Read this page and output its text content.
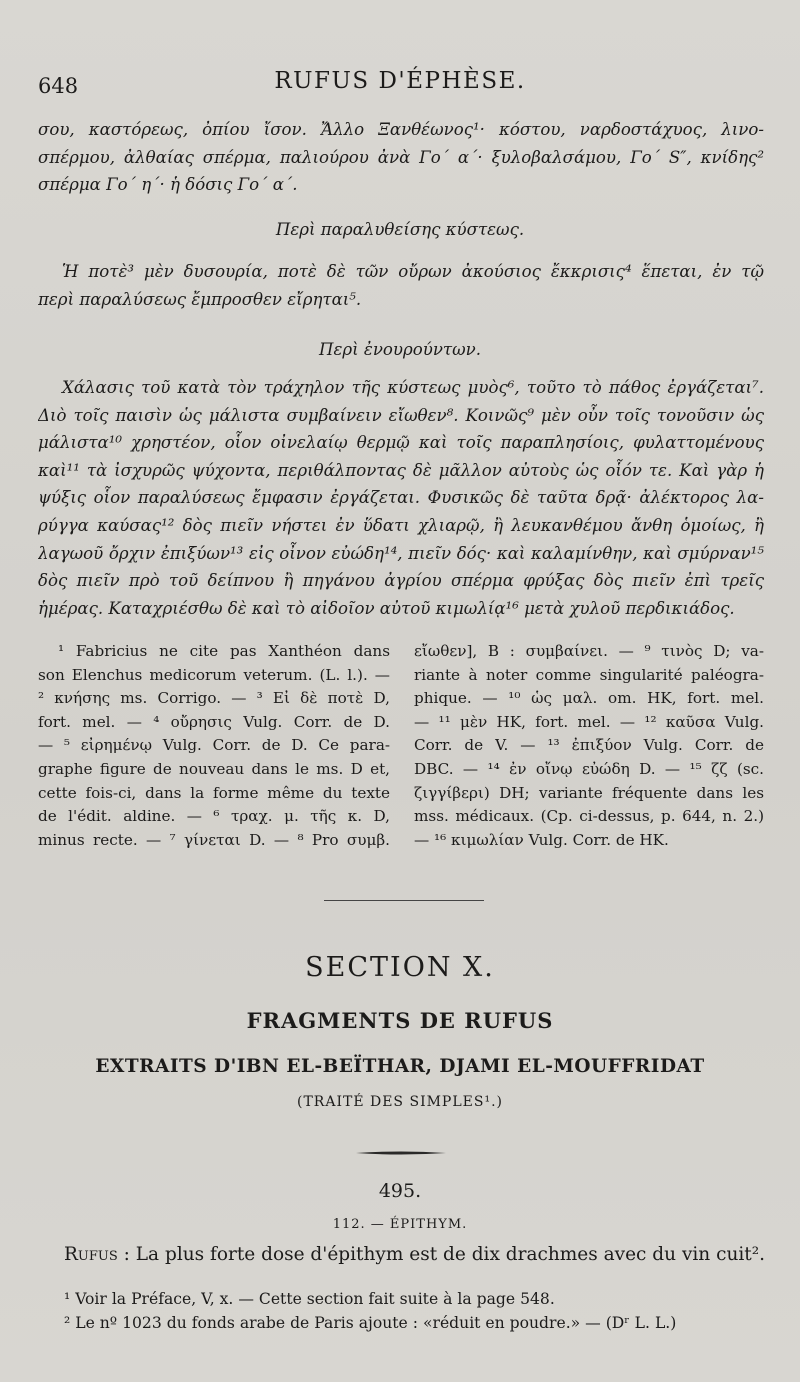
648	RUFUS D'ÉPHÈSE.
σου, καστόρεως, ὀπίου ἴσον. Ἄλλο Ξανθέωνος¹· κόστου, ναρδοστάχυος, λινο-
σπέρμου, ἀλθαίας σπέρμα, παλιούρου ἀνὰ Γο´ α´· ξυλοβαλσάμου, Γο´ S″, κνίδης²
σπέρμα Γο´ η´· ἡ δόσις Γο´ α´.
Περὶ παραλυθείσης κύστεως.
Ἡ ποτὲ³ μὲν δυσουρία, ποτὲ δὲ τῶν οὔρων ἀκούσιος ἔκκρισις⁴ ἕπεται, ἐν τῷ
περὶ παραλύσεως ἔμπροσθεν εἴρηται⁵.
Περὶ ἐνουρούντων.
Χάλασις τοῦ κατὰ τὸν τράχηλον τῆς κύστεως μυὸς⁶, τοῦτο τὸ πάθος ἐργάζεται⁷.
Διὸ τοῖς παισὶν ὡς μάλιστα συμβαίνειν εἴωθεν⁸. Κοινῶς⁹ μὲν οὖν τοῖς τονοῦσιν ὡς
μάλιστα¹⁰ χρηστέον, οἷον οἰνελαίῳ θερμῷ καὶ τοῖς παραπλησίοις, φυλαττομένους
καὶ¹¹ τὰ ἰσχυρῶς ψύχοντα, περιθάλποντας δὲ μᾶλλον αὐτοὺς ὡς οἷόν τε. Καὶ γὰρ ἡ
ψύξις οἷον παραλύσεως ἔμφασιν ἐργάζεται. Φυσικῶς δὲ ταῦτα δρᾷ· ἀλέκτορος λα-
ρύγγα καύσας¹² δὸς πιεῖν νήστει ἐν ὕδατι χλιαρῷ, ἢ λευκανθέμου ἄνθη ὁμοίως, ἢ
λαγωοῦ ὄρχιν ἐπιξύων¹³ εἰς οἶνον εὐώδη¹⁴, πιεῖν δός· καὶ καλαμίνθην, καὶ σμύρναν¹⁵
δὸς πιεῖν πρὸ τοῦ δείπνου ἢ πηγάνου ἀγρίου σπέρμα φρύξας δὸς πιεῖν ἐπὶ τρεῖς
ἡμέρας. Καταχριέσθω δὲ καὶ τὸ αἰδοῖον αὐτοῦ κιμωλίᾳ¹⁶ μετὰ χυλοῦ περδικιάδος.
¹ Fabricius ne cite pas Xanthéon dans
son Elenchus medicorum veterum. (L. l.). —
² κνήσης ms. Corrigo. — ³ Εἰ δὲ ποτὲ D,
fort. mel. — ⁴ οὔρησις Vulg. Corr. de D.
— ⁵ εἰρημένῳ Vulg. Corr. de D. Ce para-
graphe figure de nouveau dans le ms. D et,
cette fois-ci, dans la forme même du texte
de l'édit. aldine. — ⁶ τραχ. μ. τῆς κ. D,
minus recte. — ⁷ γίνεται D. — ⁸ Pro συμβ.
εἴωθεν], B : συμβαίνει. — ⁹ τινὸς D; va-
riante à noter comme singularité paléogra-
phique. — ¹⁰ ὡς μαλ. om. HK, fort. mel.
— ¹¹ μὲν HK, fort. mel. — ¹² καῦσα Vulg.
Corr. de V. — ¹³ ἐπιξύον Vulg. Corr. de
DBC. — ¹⁴ ἐν οἴνῳ εὐώδη D. — ¹⁵ ζζ (sc.
ζιγγίβερι) DH; variante fréquente dans les
mss. médicaux. (Cp. ci-dessus, p. 644, n. 2.)
— ¹⁶ κιμωλίαν Vulg. Corr. de HK.
SECTION X.
FRAGMENTS DE RUFUS
EXTRAITS D'IBN EL-BEÏTHAR, DJAMI EL-MOUFFRIDAT
(TRAITÉ DES SIMPLES¹.)
495.
112. — ÉPITHYM.
Rufus : La plus forte dose d'épithym est de dix drachmes avec du vin cuit².
¹ Voir la Préface, V, x. — Cette section fait suite à la page 548.
² Le nº 1023 du fonds arabe de Paris ajoute : «réduit en poudre.» — (Dʳ L. L.)
